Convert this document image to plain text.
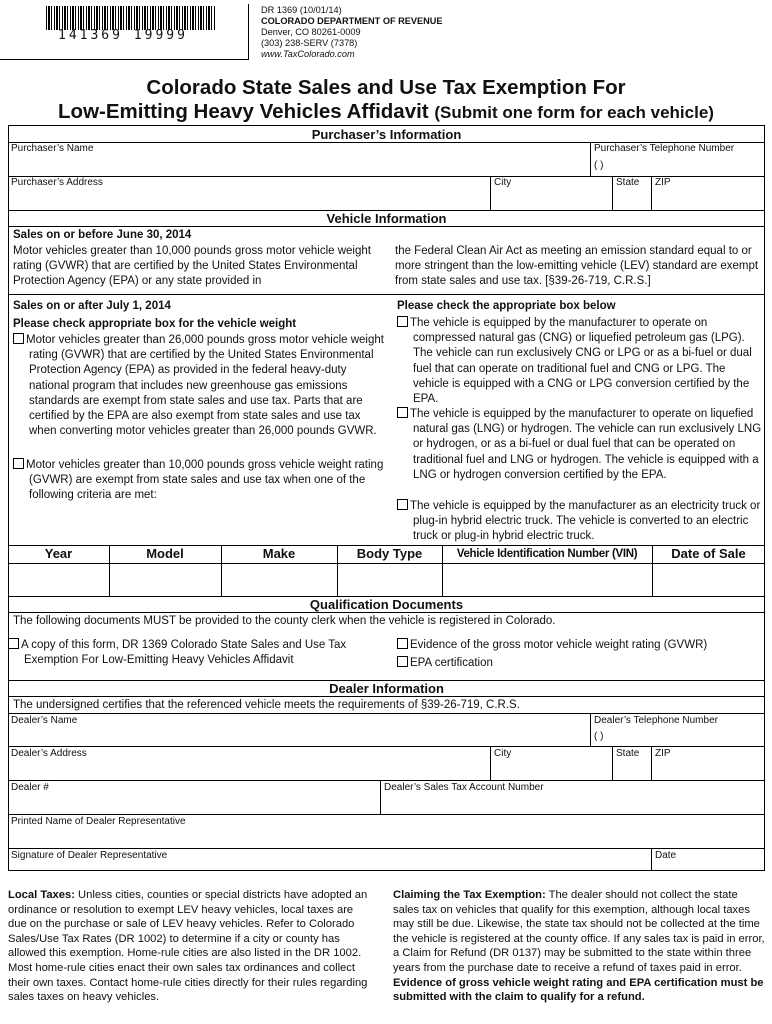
141369 19999
DR 1369 (10/01/14)
COLORADO DEPARTMENT OF REVENUE
Denver, CO 80261-0009
(303) 238-SERV (7378)
www.TaxColorado.com
Colorado State Sales and Use Tax Exemption For
Low-Emitting Heavy Vehicles Affidavit (Submit one form for each vehicle)
Purchaser’s Information
Purchaser’s Name	Purchaser’s Telephone Number
( )
Purchaser’s Address	City	State ZIP
Vehicle Information
Sales on or before June 30, 2014
Motor vehicles greater than 10,000 pounds gross motor vehicle weight rating (GVWR) that are certified by the United States Environmental Protection Agency (EPA) or any state provided in
the Federal Clean Air Act as meeting an emission standard equal to or more stringent than the low-emitting vehicle (LEV) standard are exempt from state sales and use tax. [§39-26-719, C.R.S.]
Sales on or after July 1, 2014
Please check appropriate box for the vehicle weight
Motor vehicles greater than 26,000 pounds gross motor vehicle weight rating (GVWR) that are certified by the United States Environmental Protection Agency (EPA) as provided in the federal heavy-duty national program that includes new greenhouse gas emissions standards are exempt from state sales and use tax. Parts that are certified by the EPA are also exempt from state sales and use tax when converting motor vehicles greater than 26,000 pounds GVWR.
Motor vehicles greater than 10,000 pounds gross vehicle weight rating (GVWR) are exempt from state sales and use tax when one of the following criteria are met:
Please check the appropriate box below
The vehicle is equipped by the manufacturer to operate on compressed natural gas (CNG) or liquefied petroleum gas (LPG). The vehicle can run exclusively CNG or LPG or as a bi-fuel or dual fuel that can operate on traditional fuel and CNG or LPG. The vehicle is equipped with a CNG or LPG conversion certified by the EPA.
The vehicle is equipped by the manufacturer to operate on liquefied natural gas (LNG) or hydrogen. The vehicle can run exclusively LNG or hydrogen, or as a bi-fuel or dual fuel that can be operated on traditional fuel and LNG or hydrogen. The vehicle is equipped with a LNG or hydrogen conversion certified by the EPA.
The vehicle is equipped by the manufacturer as an electricity truck or plug-in hybrid electric truck. The vehicle is converted to an electric truck or plug-in hybrid electric truck.
Year	Model	Make	Body Type	Vehicle Identification Number (VIN)	Date of Sale
Qualification Documents
The following documents MUST be provided to the county clerk when the vehicle is registered in Colorado.
A copy of this form, DR 1369 Colorado State Sales and Use Tax Exemption For Low-Emitting Heavy Vehicles Affidavit
Evidence of the gross motor vehicle weight rating (GVWR)
EPA certification
Dealer Information
The undersigned certifies that the referenced vehicle meets the requirements of §39-26-719, C.R.S.
Dealer’s Name	Dealer’s Telephone Number
( )
Dealer’s Address	City	State ZIP
Dealer #	Dealer’s Sales Tax Account Number
Printed Name of Dealer Representative
Signature of Dealer Representative	Date
Local Taxes: Unless cities, counties or special districts have adopted an ordinance or resolution to exempt LEV heavy vehicles, local taxes are due on the purchase or sale of LEV heavy vehicles. Refer to Colorado Sales/Use Tax Rates (DR 1002) to determine if a city or county has allowed this exemption. Home-rule cities are also listed in the DR 1002. Most home-rule cities enact their own sales tax ordinances and collect their own taxes. Contact home-rule cities directly for their rules regarding sales taxes on heavy vehicles.
Claiming the Tax Exemption: The dealer should not collect the state sales tax on vehicles that qualify for this exemption, although local taxes may still be due. Likewise, the state tax should not be collected at the time the vehicle is registered at the county office. If any sales tax is paid in error, a Claim for Refund (DR 0137) may be submitted to the state within three years from the purchase date to receive a refund of taxes paid in error. Evidence of gross vehicle weight rating and EPA certification must be submitted with the claim to qualify for a refund.
